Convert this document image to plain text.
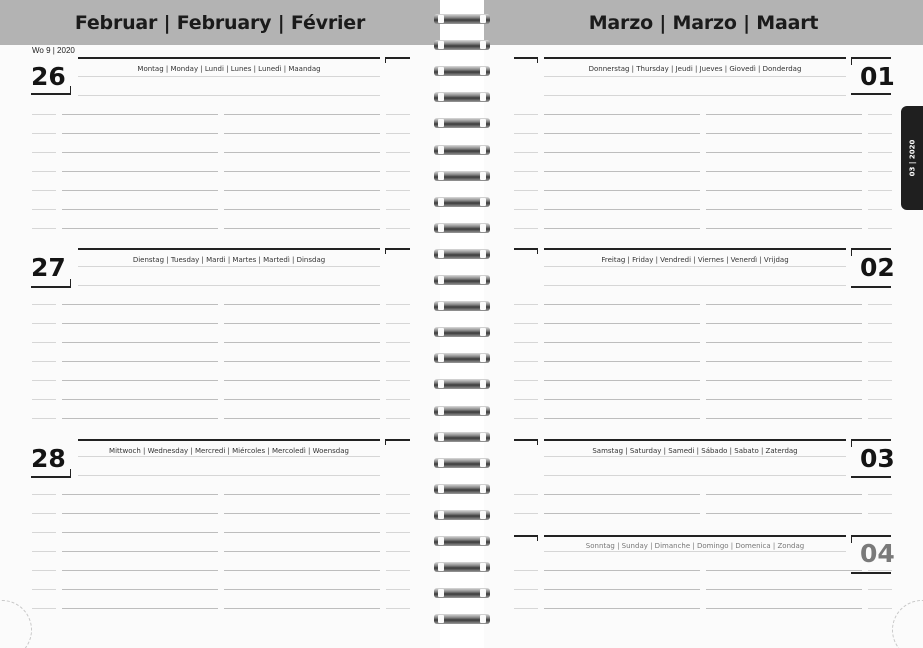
Februar | February | Février
Wo 9 | 2020
26	Montag | Monday | Lundi | Lunes | Lunedì | Maandag
27	Dienstag | Tuesday | Mardi | Martes | Martedì | Dinsdag
28	Mittwoch | Wednesday | Mercredi | Miércoles | Mercoledì | Woensdag
Marzo | Marzo | Maart
Donnerstag | Thursday | Jeudi | Jueves | Giovedì | Donderdag	01
Freitag | Friday | Vendredi | Viernes | Venerdì | Vrijdag	02
Samstag | Saturday | Samedi | Sábado | Sabato | Zaterdag	03
Sonntag | Sunday | Dimanche | Domingo | Domenica | Zondag	04
03 | 2020
